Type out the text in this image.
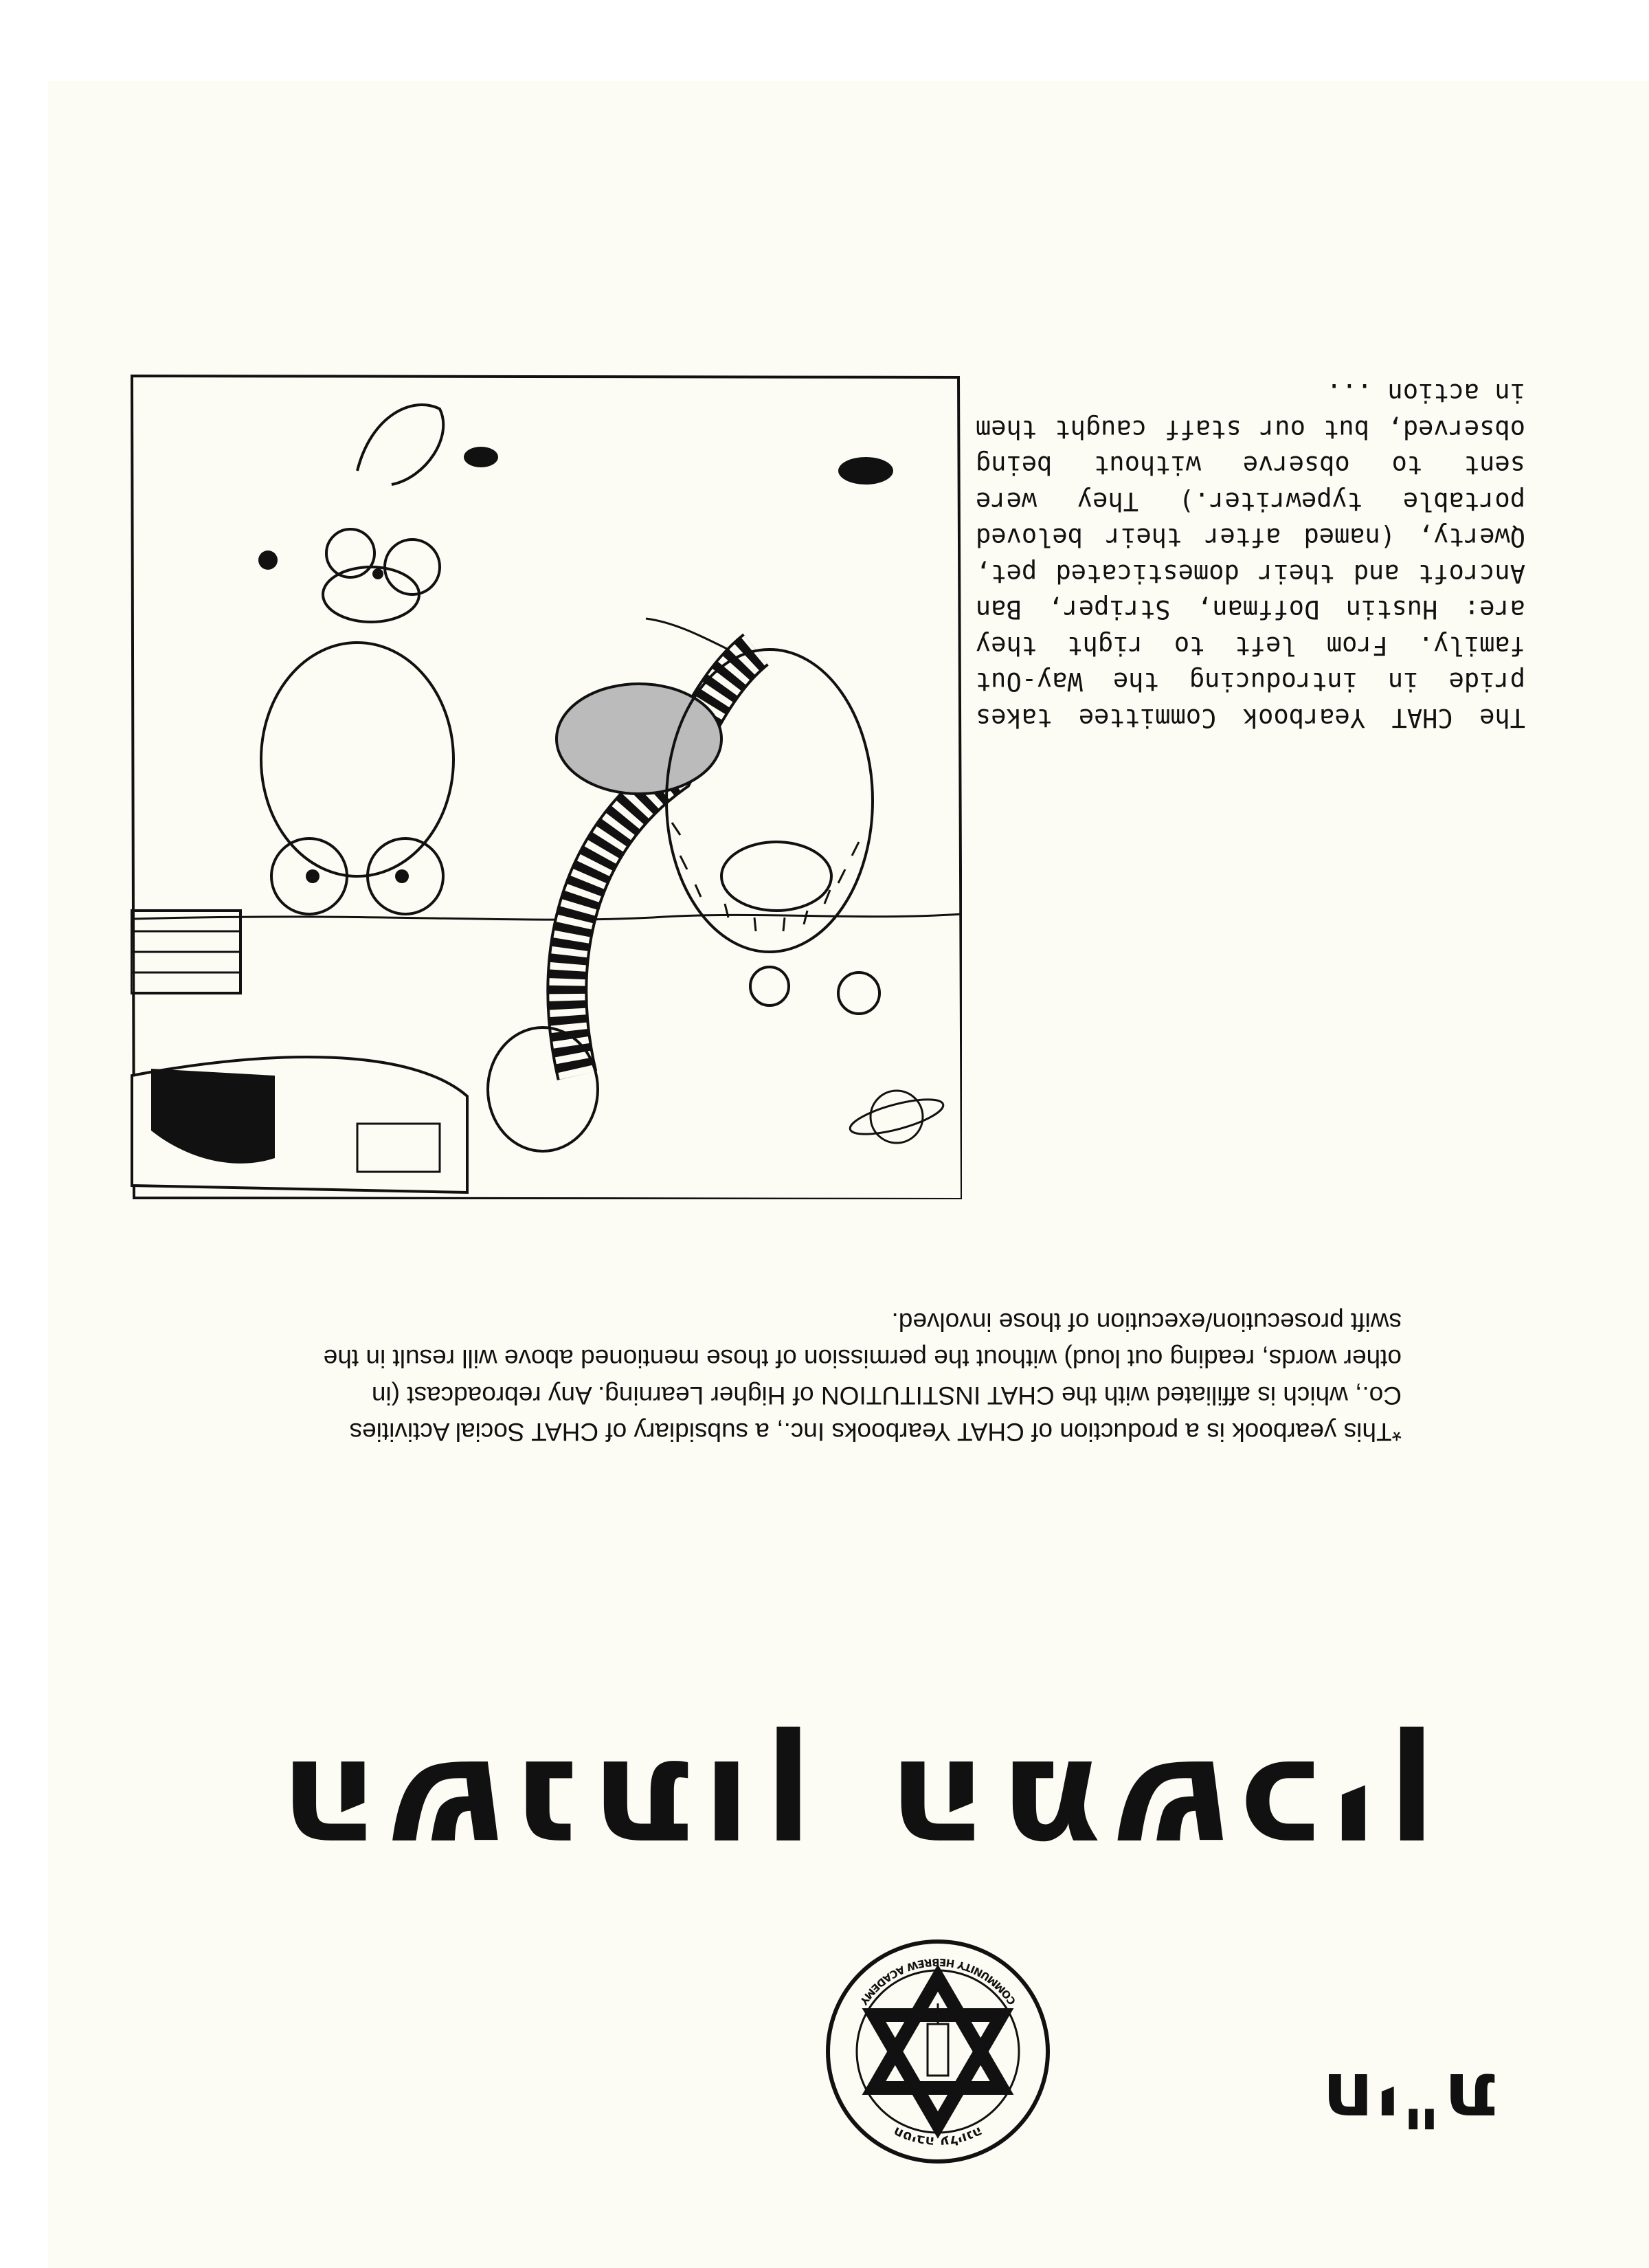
חי"ת
חטיבה עליונה
COMMUNITY HEBREW ACADEMY
השנתון המשכין
*This yearbook is a production of CHAT Yearbooks Inc., a subsidiary of CHAT Social Activities Co., which is affiliated with the CHAT INSTITUTION of Higher Learning. Any rebroadcast (in other words, reading out loud) without the permission of those mentioned above will result in the swift prosecution/execution of those involved.
The CHAT Yearbook Committee takes pride in introducing the Way-Out family. From left to right they are: Hustin Doffman, Striper, Ban Ancroft and their domesticated pet, Qwerty, (named after their beloved portable typewriter.) They were sent to observe without being observed, but our staff caught them in action ...
